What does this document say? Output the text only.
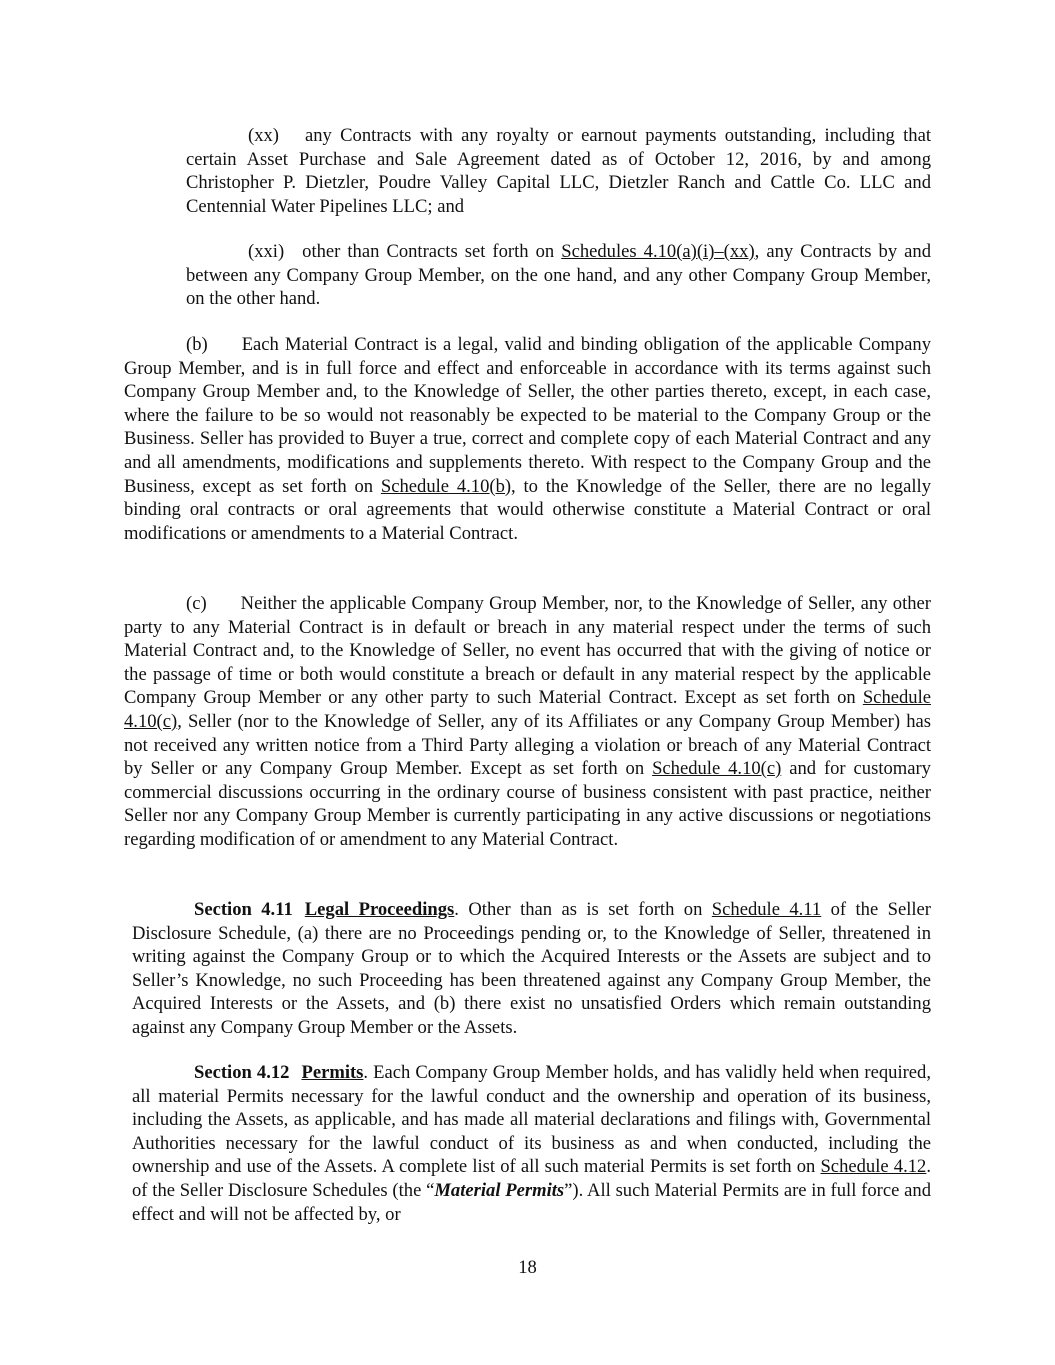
(xx) any Contracts with any royalty or earnout payments outstanding, including that certain Asset Purchase and Sale Agreement dated as of October 12, 2016, by and among Christopher P. Dietzler, Poudre Valley Capital LLC, Dietzler Ranch and Cattle Co. LLC and Centennial Water Pipelines LLC; and

(xxi) other than Contracts set forth on Schedules 4.10(a)(i)–(xx), any Contracts by and between any Company Group Member, on the one hand, and any other Company Group Member, on the other hand.

(b) Each Material Contract is a legal, valid and binding obligation of the applicable Company Group Member, and is in full force and effect and enforceable in accordance with its terms against such Company Group Member and, to the Knowledge of Seller, the other parties thereto, except, in each case, where the failure to be so would not reasonably be expected to be material to the Company Group or the Business. Seller has provided to Buyer a true, correct and complete copy of each Material Contract and any and all amendments, modifications and supplements thereto. With respect to the Company Group and the Business, except as set forth on Schedule 4.10(b), to the Knowledge of the Seller, there are no legally binding oral contracts or oral agreements that would otherwise constitute a Material Contract or oral modifications or amendments to a Material Contract.

(c) Neither the applicable Company Group Member, nor, to the Knowledge of Seller, any other party to any Material Contract is in default or breach in any material respect under the terms of such Material Contract and, to the Knowledge of Seller, no event has occurred that with the giving of notice or the passage of time or both would constitute a breach or default in any material respect by the applicable Company Group Member or any other party to such Material Contract. Except as set forth on Schedule 4.10(c), Seller (nor to the Knowledge of Seller, any of its Affiliates or any Company Group Member) has not received any written notice from a Third Party alleging a violation or breach of any Material Contract by Seller or any Company Group Member. Except as set forth on Schedule 4.10(c) and for customary commercial discussions occurring in the ordinary course of business consistent with past practice, neither Seller nor any Company Group Member is currently participating in any active discussions or negotiations regarding modification of or amendment to any Material Contract.

Section 4.11 Legal Proceedings. Other than as is set forth on Schedule 4.11 of the Seller Disclosure Schedule, (a) there are no Proceedings pending or, to the Knowledge of Seller, threatened in writing against the Company Group or to which the Acquired Interests or the Assets are subject and to Seller’s Knowledge, no such Proceeding has been threatened against any Company Group Member, the Acquired Interests or the Assets, and (b) there exist no unsatisfied Orders which remain outstanding against any Company Group Member or the Assets.

Section 4.12 Permits. Each Company Group Member holds, and has validly held when required, all material Permits necessary for the lawful conduct and the ownership and operation of its business, including the Assets, as applicable, and has made all material declarations and filings with, Governmental Authorities necessary for the lawful conduct of its business as and when conducted, including the ownership and use of the Assets. A complete list of all such material Permits is set forth on Schedule 4.12. of the Seller Disclosure Schedules (the “Material Permits”). All such Material Permits are in full force and effect and will not be affected by, or

18
